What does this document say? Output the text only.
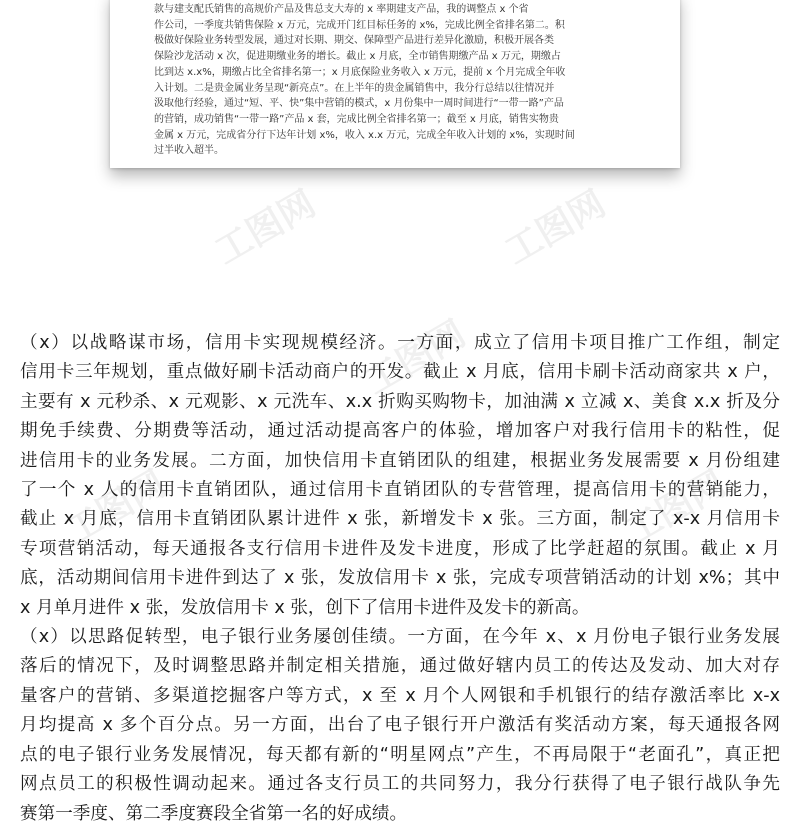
款与建支配氏销售的高规价产品及售总支大寿的 x 率期建支产品，我的调整点 x 个省
作公司，一季度共销售保险 x 万元，完成开门红目标任务的 x%，完成比例全省排名第二。积
极做好保险业务转型发展，通过对长期、期交、保障型产品进行差异化激励，积极开展各类
保险沙龙活动 x 次，促进期缴业务的增长。截止 x 月底，全市销售期缴产品 x 万元，期缴占
比到达 x.x%，期缴占比全省排名第一；x 月底保险业务收入 x 万元，提前 x 个月完成全年收
入计划。二是贵金属业务呈现“新亮点”。在上半年的贵金属销售中，我分行总结以往情况并
汲取他行经验，通过“短、平、快”集中营销的模式，x 月份集中一周时间进行“一带一路”产品
的营销，成功销售“一带一路”产品 x 套，完成比例全省排名第一；截至 x 月底，销售实物贵
金属 x 万元，完成省分行下达年计划 x%，收入 x.x 万元，完成全年收入计划的 x%，实现时间
过半收入超半。
工图网	工图网
工图网
工图网	工图网
（x）以战略谋市场，信用卡实现规模经济。一方面，成立了信用卡项目推广工作组，制定
信用卡三年规划，重点做好刷卡活动商户的开发。截止 x 月底，信用卡刷卡活动商家共 x 户，
主要有 x 元秒杀、x 元观影、x 元洗车、x.x 折购买购物卡，加油满 x 立减 x、美食 x.x 折及分
期免手续费、分期费等活动，通过活动提高客户的体验，增加客户对我行信用卡的粘性，促
进信用卡的业务发展。二方面，加快信用卡直销团队的组建，根据业务发展需要 x 月份组建
了一个 x 人的信用卡直销团队，通过信用卡直销团队的专营管理，提高信用卡的营销能力，
截止 x 月底，信用卡直销团队累计进件 x 张，新增发卡 x 张。三方面，制定了 x-x 月信用卡
专项营销活动，每天通报各支行信用卡进件及发卡进度，形成了比学赶超的氛围。截止 x 月
底，活动期间信用卡进件到达了 x 张，发放信用卡 x 张，完成专项营销活动的计划 x%；其中
x 月单月进件 x 张，发放信用卡 x 张，创下了信用卡进件及发卡的新高。
（x）以思路促转型，电子银行业务屡创佳绩。一方面，在今年 x、x 月份电子银行业务发展
落后的情况下，及时调整思路并制定相关措施，通过做好辖内员工的传达及发动、加大对存
量客户的营销、多渠道挖掘客户等方式，x 至 x 月个人网银和手机银行的结存激活率比 x-x
月均提高 x 多个百分点。另一方面，出台了电子银行开户激活有奖活动方案，每天通报各网
点的电子银行业务发展情况，每天都有新的“明星网点”产生，不再局限于“老面孔”，真正把
网点员工的积极性调动起来。通过各支行员工的共同努力，我分行获得了电子银行战队争先
赛第一季度、第二季度赛段全省第一名的好成绩。
